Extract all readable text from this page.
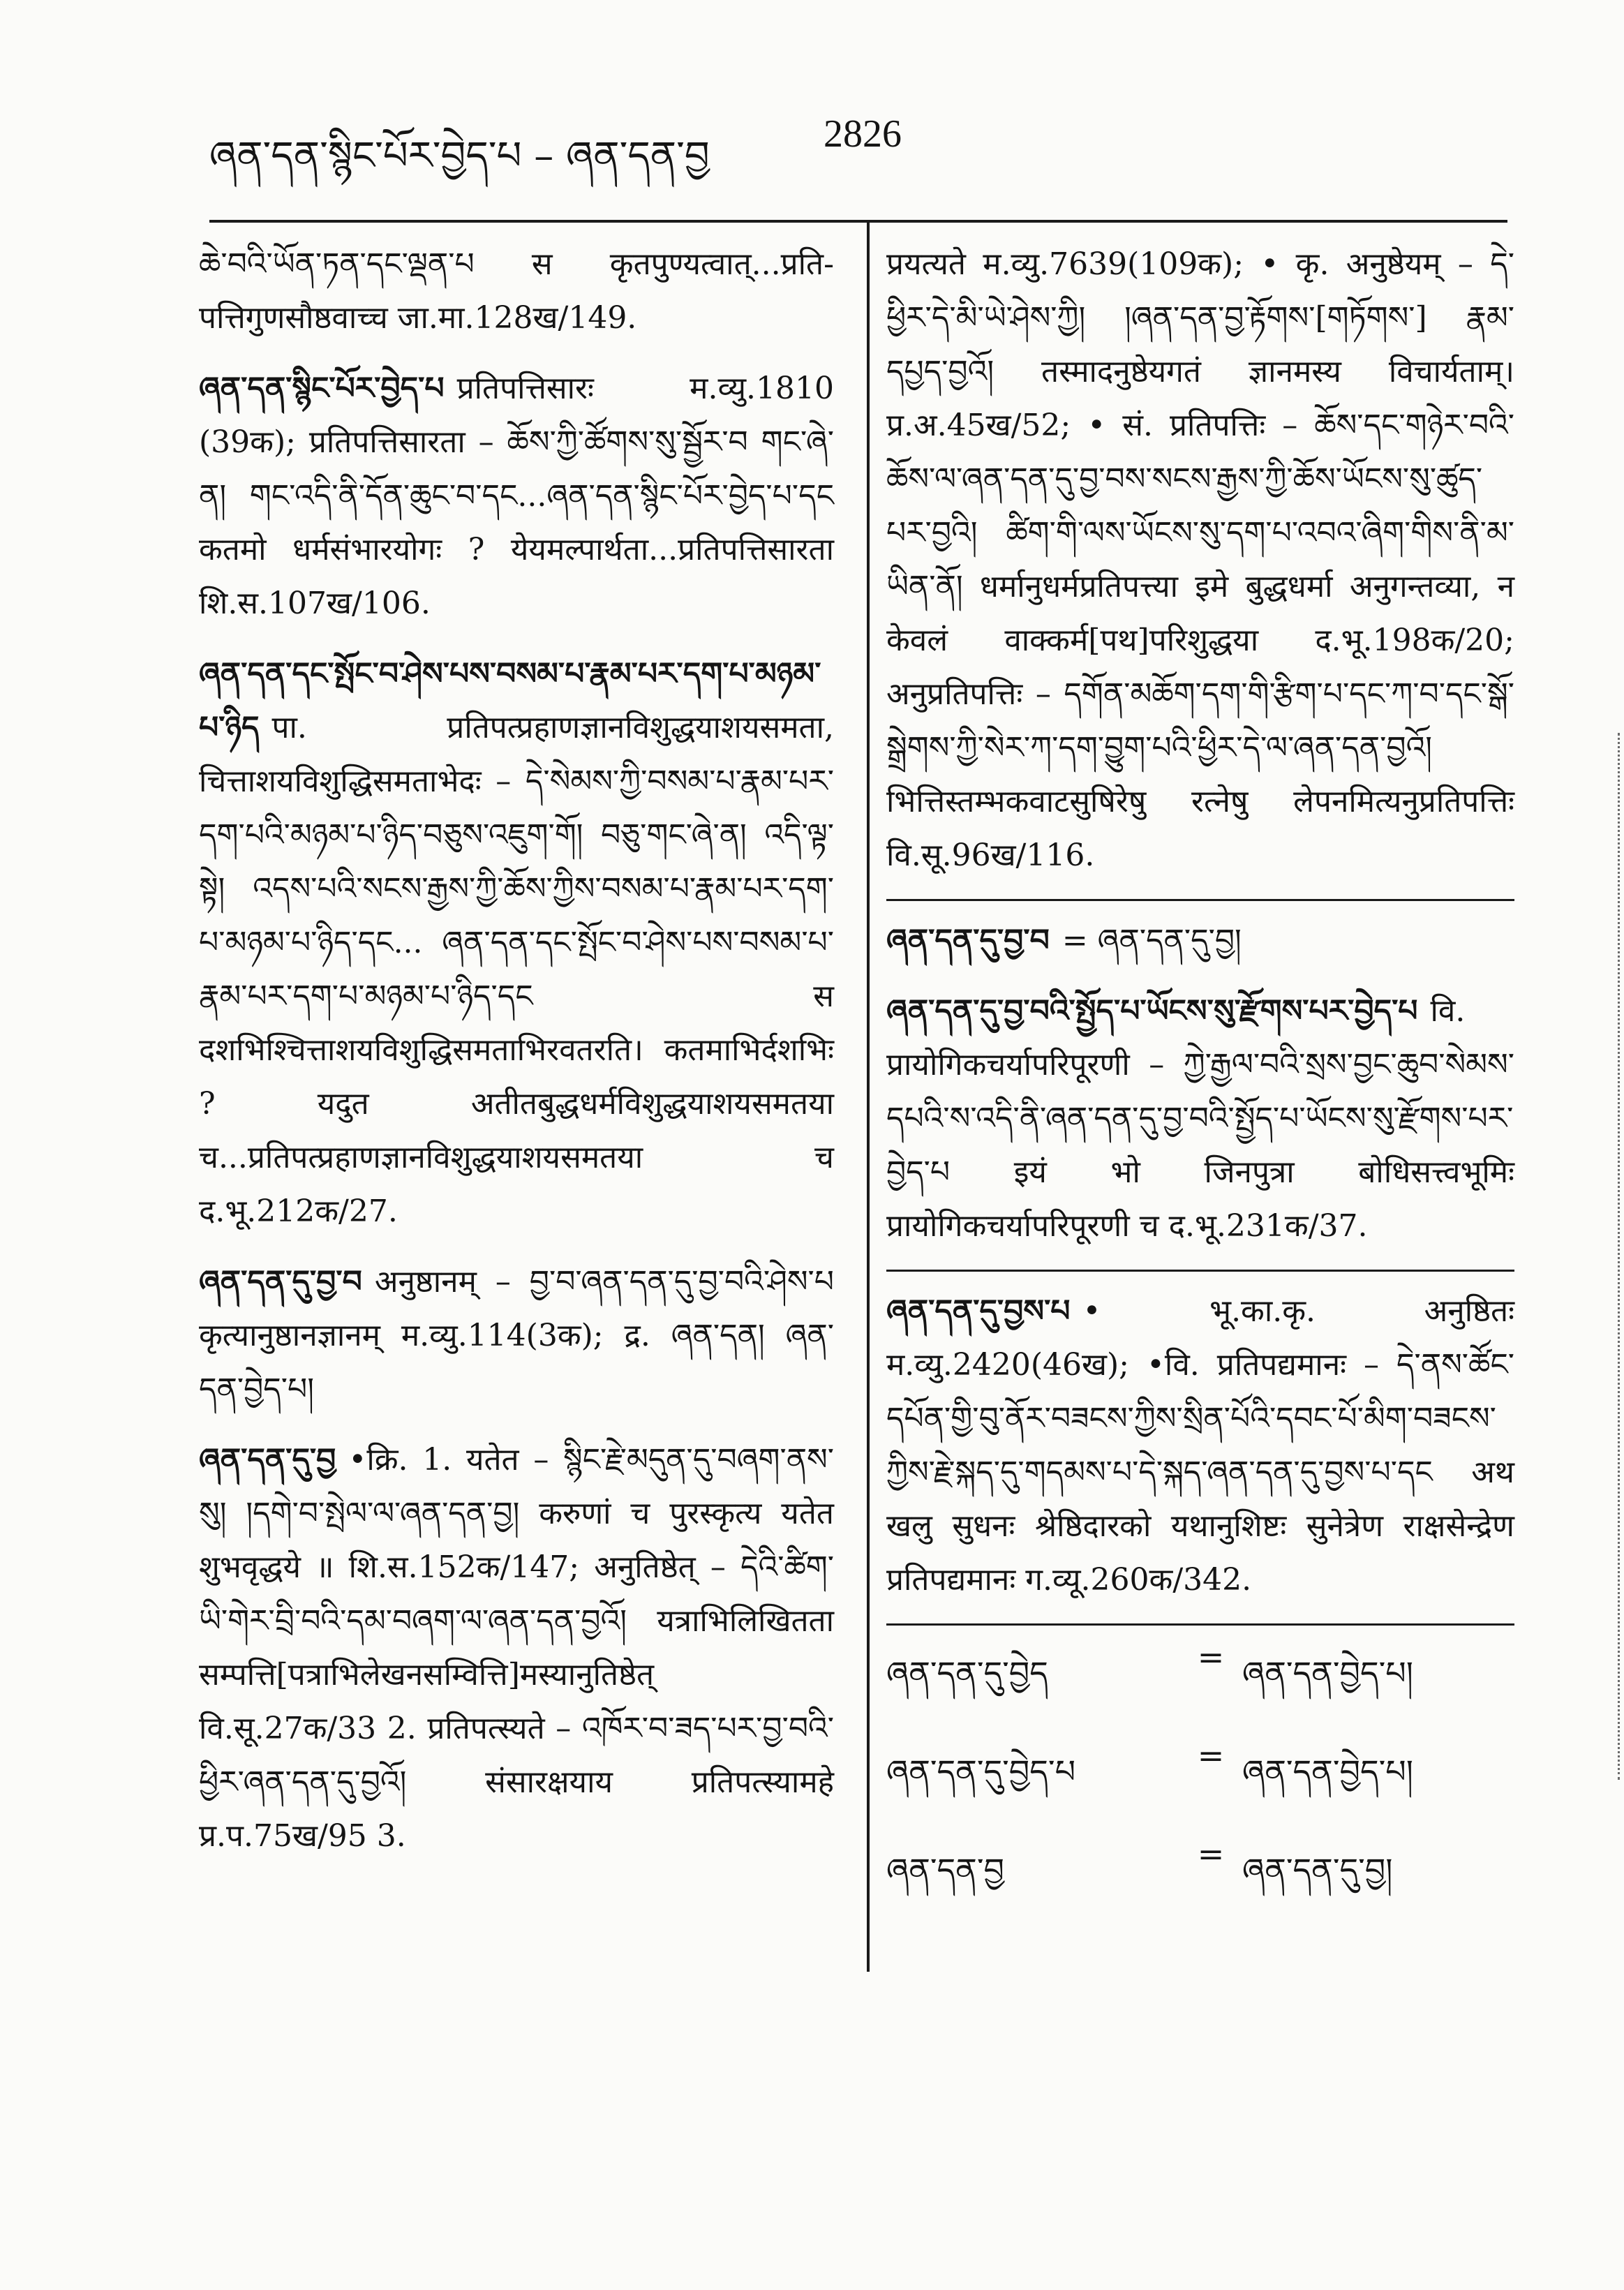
ཞན་དན་སྙིང་པོར་བྱེད་པ – ཞན་དན་བྱ	2826

ཆེ་བའི་ཡོན་ཏན་དང་ལྡན་པ स कृतपुण्यत्वात्...प्रति-पत्तिगुणसौष्ठवाच्च जा.मा.128ख/149.

ཞན་དན་སྙིང་པོར་བྱེད་པ प्रतिपत्तिसारः म.व्यु.1810 (39क); प्रतिपत्तिसारता – ཆོས་ཀྱི་ཚོགས་སུ་སྦྱོར་བ གང་ཞེ་ན། གང་འདི་ནི་དོན་ཆུང་བ་དང...ཞན་དན་སྙིང་པོར་བྱེད་པ་དང कतमो धर्मसंभारयोगः ? येयमल्पार्थता...प्रतिपत्तिसारता शि.स.107ख/106.

ཞན་དན་དང་སྤོང་བ་ཤེས་པས་བསམ་པ་རྣམ་པར་དག་པ་མཉམ་པ་ཉིད पा. प्रतिपत्प्रहाणज्ञानविशुद्धयाशयसमता, चित्ताशयविशुद्धिसमताभेदः – དེ་སེམས་ཀྱི་བསམ་པ་རྣམ་པར་དག་པའི་མཉམ་པ་ཉིད་བཅུས་འཇུག་གོ། བཅུ་གང་ཞེ་ན། འདི་ལྟ་སྟེ། འདས་པའི་སངས་རྒྱས་ཀྱི་ཆོས་ཀྱིས་བསམ་པ་རྣམ་པར་དག་པ་མཉམ་པ་ཉིད་དང... ཞན་དན་དང་སྤོང་བ་ཤེས་པས་བསམ་པ་རྣམ་པར་དག་པ་མཉམ་པ་ཉིད་དང स दशभिश्चित्ताशयविशुद्धिसमताभिरवतरति। कतमाभिर्दशभिः ? यदुत अतीतबुद्धधर्मविशुद्धयाशयसमतया च...प्रतिपत्प्रहाणज्ञानविशुद्धयाशयसमतया च द.भू.212क/27.

ཞན་དན་དུ་བྱ་བ अनुष्ठानम् – བྱ་བ་ཞན་དན་དུ་བྱ་བའི་ཤེས་པ कृत्यानुष्ठानज्ञानम् म.व्यु.114(3क); द्र. ཞན་དན། ཞན་དན་བྱེད་པ།

ཞན་དན་དུ་བྱ •क्रि. 1. यतेत – སྙིང་རྗེ་མདུན་དུ་བཞག་ནས་སུ། །དགེ་བ་སྤེལ་ལ་ཞན་དན་བྱ། करुणां च पुरस्कृत्य यतेत शुभवृद्धये ॥ शि.स.152क/147; अनुतिष्ठेत् – དེའི་ཚིག་ཡི་གེར་བྲི་བའི་དམ་བཞག་ལ་ཞན་དན་བྱའོ། यत्राभिलिखितता सम्पत्ति[पत्राभिलेखनसम्वित्ति]मस्यानुतिष्ठेत् वि.सू.27क/33 2. प्रतिपत्स्यते – འཁོར་བ་ཟད་པར་བྱ་བའི་ཕྱིར་ཞན་དན་དུ་བྱའོ། संसारक्षयाय प्रतिपत्स्यामहे प्र.प.75ख/95 3.

प्रयत्यते म.व्यु.7639(109क); • कृ. अनुष्ठेयम् – དེ་ཕྱིར་དེ་མི་ཡེ་ཤེས་ཀྱི། །ཞན་དན་བྱ་རྟོགས་[གཏོགས་] རྣམ་དཔྱད་བྱའོ། तस्मादनुष्ठेयगतं ज्ञानमस्य विचार्यताम्। प्र.अ.45ख/52; • सं. प्रतिपत्तिः – ཆོས་དང་གཉེར་བའི་ཆོས་ལ་ཞན་དན་དུ་བྱ་བས་སངས་རྒྱས་ཀྱི་ཆོས་ཡོངས་སུ་ཚུད་པར་བྱའི། ཚིག་གི་ལས་ཡོངས་སུ་དག་པ་འབའ་ཞིག་གིས་ནི་མ་ཡིན་ནོ། धर्मानुधर्मप्रतिपत्त्या इमे बुद्धधर्मा अनुगन्तव्या, न केवलं वाक्कर्म[पथ]परिशुद्धया द.भू.198क/20; अनुप्रतिपत्तिः – དགོན་མཆོག་དག་གི་རྩིག་པ་དང་ཀ་བ་དང་སྒོ་སྒྲེགས་ཀྱི་སེར་ཀ་དག་བྱུག་པའི་ཕྱིར་དེ་ལ་ཞན་དན་བྱའོ། भित्तिस्तम्भकवाटसुषिरेषु रत्नेषु लेपनमित्यनुप्रतिपत्तिः वि.सू.96ख/116.

ཞན་དན་དུ་བྱ་བ = ཞན་དན་དུ་བྱ།

ཞན་དན་དུ་བྱ་བའི་སྤྱོད་པ་ཡོངས་སུ་རྫོགས་པར་བྱེད་པ वि. प्रायोगिकचर्यापरिपूरणी – ཀྱེ་རྒྱལ་བའི་སྲས་བྱང་ཆུབ་སེམས་དཔའི་ས་འདི་ནི་ཞན་དན་དུ་བྱ་བའི་སྤྱོད་པ་ཡོངས་སུ་རྫོགས་པར་བྱེད་པ इयं भो जिनपुत्रा बोधिसत्त्वभूमिः प्रायोगिकचर्यापरिपूरणी च द.भू.231क/37.

ཞན་དན་དུ་བྱས་པ • भू.का.कृ. अनुष्ठितः म.व्यु.2420(46ख); •वि. प्रतिपद्यमानः – དེ་ནས་ཚོང་དཔོན་གྱི་བུ་ནོར་བཟངས་ཀྱིས་སྲིན་པོའི་དབང་པོ་མིག་བཟངས་ཀྱིས་རྗེ་སྐད་དུ་གདམས་པ་དེ་སྐད་ཞན་དན་དུ་བྱས་པ་དང अथ खलु सुधनः श्रेष्ठिदारको यथानुशिष्टः सुनेत्रेण राक्षसेन्द्रेण प्रतिपद्यमानः ग.व्यू.260क/342.

ཞན་དན་དུ་བྱེད	= ཞན་དན་བྱེད་པ།
ཞན་དན་དུ་བྱེད་པ	= ཞན་དན་བྱེད་པ།
ཞན་དན་བྱ	= ཞན་དན་དུ་བྱ།
